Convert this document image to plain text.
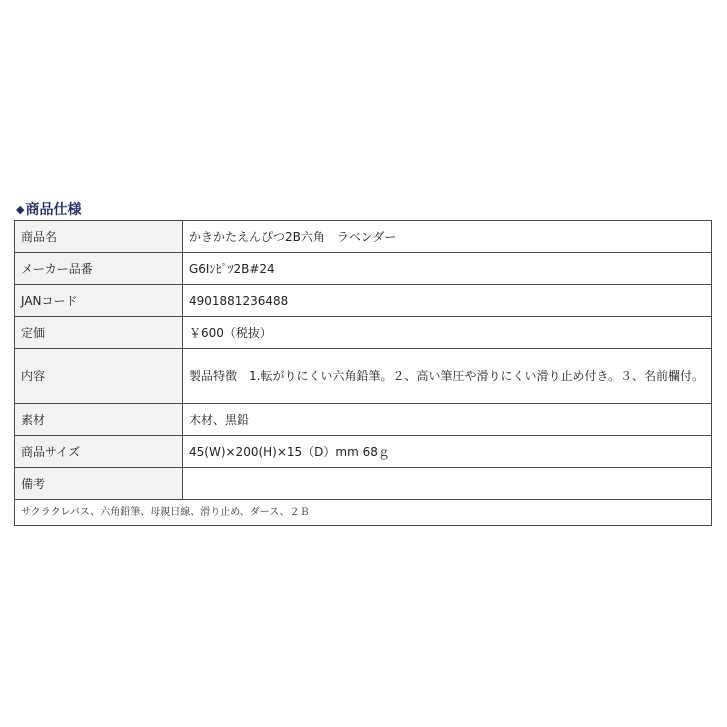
◆商品仕様
商品名	かきかたえんぴつ2B六角　ラベンダー
メーカー品番	G6Iﾝﾋﾟﾂ2B#24
JANコード	4901881236488
定価	￥600（税抜）
内容	製品特徴　1.転がりにくい六角鉛筆。２、高い筆圧や滑りにくい滑り止め付き。３、名前欄付。
素材	木材、黒鉛
商品サイズ	45(W)×200(H)×15（D）mm 68ｇ
備考	
サクラクレパス、六角鉛筆、母親日線、滑り止め、ダース、２Ｂ	
